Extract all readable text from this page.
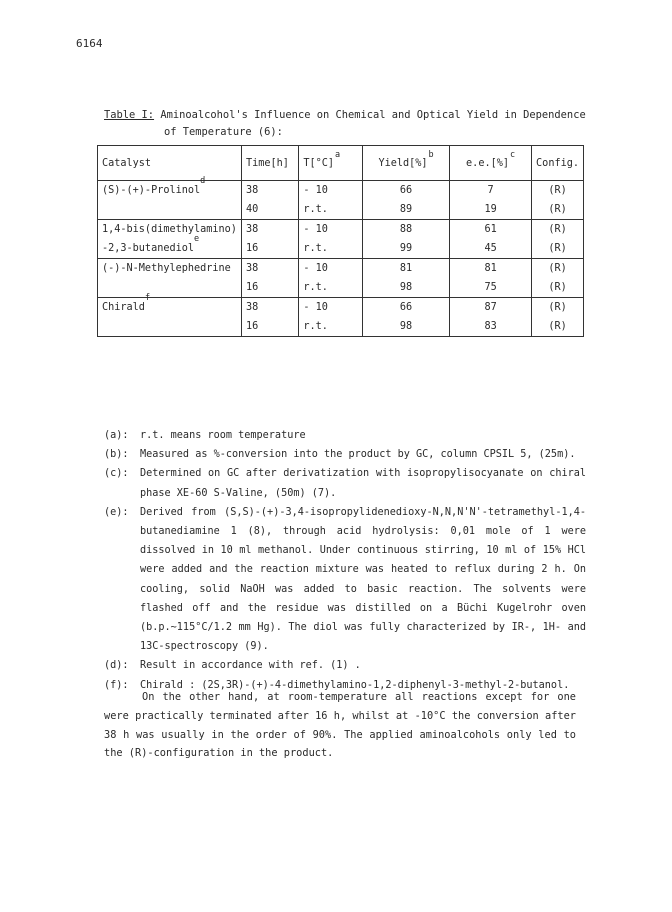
6164
Table I: Aminoalcohol's Influence on Chemical and Optical Yield in Dependence
of Temperature (6):
Catalyst	Time[h]	$T[^\circ C]^a$	Yield[%]$^b$	e.e.[%]$^c$	Config.
(S)-(+)-Prolinold	38	- 10	66	7	(R)
	40	r.t.	89	19	(R)
1,4-bis(dimethylamino)	38	- 10	88	61	(R)
-2,3-butanediole	16	r.t.	99	45	(R)
(-)-N-Methylephedrine	38	- 10	81	81	(R)
	16	r.t.	98	75	(R)
Chiraldf	38	- 10	66	87	(R)
	16	r.t.	98	83	(R)
(a):	r.t. means room temperature
(b):	Measured as %-conversion into the product by GC, column CPSIL 5, (25m).
(c):	Determined on GC after derivatization with isopropylisocyanate on chiral phase XE-60 S-Valine, (50m) (7).
(e):	Derived from (S,S)-(+)-3,4-isopropylidenedioxy-N,N,N'N'-tetramethyl-1,4-butanediamine 1 (8), through acid hydrolysis: 0,01 mole of 1 were dissolved in 10 ml methanol. Under continuous stirring, 10 ml of 15% HCl were added and the reaction mixture was heated to reflux during 2 h. On cooling, solid NaOH was added to basic reaction. The solvents were flashed off and the residue was distilled on a Büchi Kugelrohr oven (b.p.~115°C/1.2 mm Hg). The diol was fully characterized by IR-, 1H- and 13C-spectroscopy (9).
(d):	Result in accordance with ref. (1) .
(f):	Chirald : (2S,3R)-(+)-4-dimethylamino-1,2-diphenyl-3-methyl-2-butanol.
On the other hand, at room-temperature all reactions except for one were practically terminated after 16 h, whilst at -10°C the conversion after 38 h was usually in the order of 90%. The applied aminoalcohols only led to the (R)-configuration in the product.
